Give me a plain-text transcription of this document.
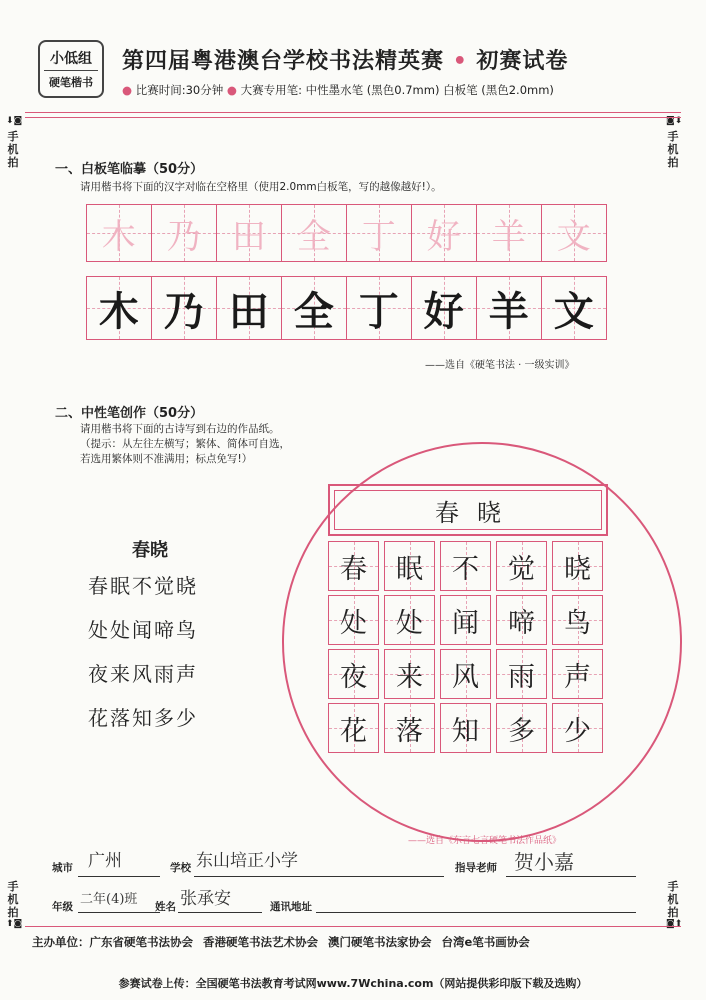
小低组
硬笔楷书
第四届粤港澳台学校书法精英赛 • 初赛试卷
● 比赛时间:30分钟 ● 大赛专用笔: 中性墨水笔 (黑色0.7mm) 白板笔 (黑色2.0mm)
⬇◙
手机拍
◙⬇
手机拍
手机拍
⬆◙
手机拍
◙⬆
一、白板笔临摹（50分）
请用楷书将下面的汉字对临在空格里（使用2.0mm白板笔，写的越像越好!）。
木 乃 田 全 丁 好 羊 文
木 乃 田 全 丁 好 羊 文
——选自《硬笔书法 · 一级实训》
二、中性笔创作（50分）
请用楷书将下面的古诗写到右边的作品纸。
（提示：从左往左横写；繁体、简体可自选，
若选用繁体则不准满用；标点免写!）
春晓
春眠不觉晓
处处闻啼鸟
夜来风雨声
花落知多少
春晓
春 眠 不 觉 晓
处 处 闻 啼 鸟
夜 来 风 雨 声
花 落 知 多 少
——选自《东言七言硬笔书法作品纸》
城市 广州	学校 东山培正小学	指导老师 贺小嘉
年级 二年(4)班 姓名 张承安	通讯地址
主办单位：广东省硬笔书法协会 香港硬笔书法艺术协会 澳门硬笔书法家协会 台湾e笔书画协会
参赛试卷上传：全国硬笔书法教育考试网www.7Wchina.com（网站提供彩印版下载及选购）
